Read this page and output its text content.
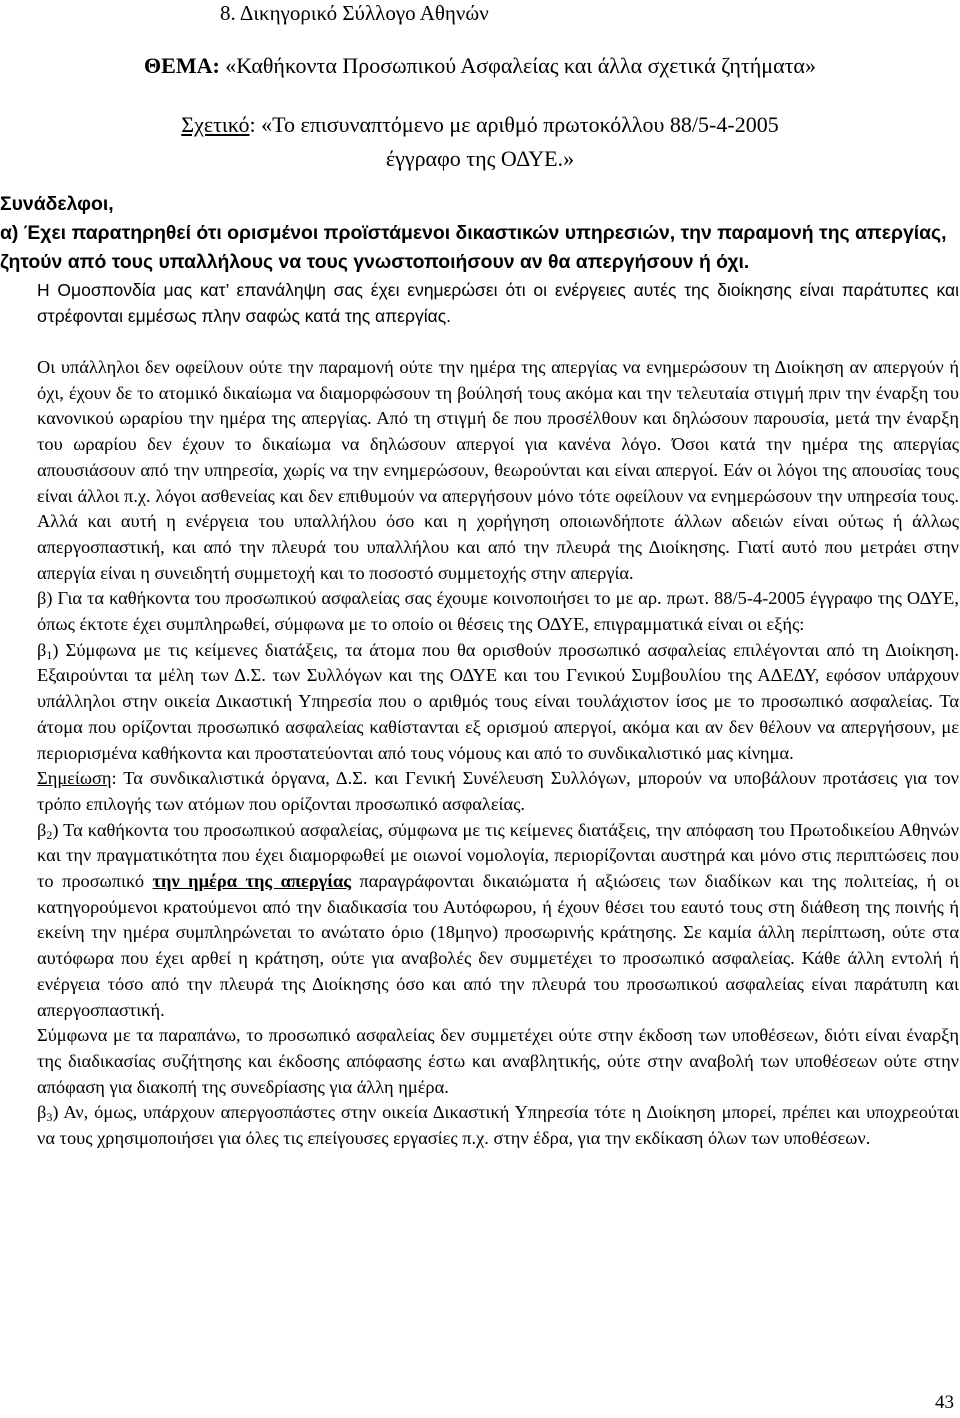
8. Δικηγορικό Σύλλογο Αθηνών
ΘΕΜΑ: «Καθήκοντα Προσωπικού Ασφαλείας και άλλα σχετικά ζητήματα»
Σχετικό: «Το επισυναπτόμενο με αριθμό πρωτοκόλλου 88/5-4-2005 έγγραφο της ΟΔΥΕ.»
Συνάδελφοι,
α) Έχει παρατηρηθεί ότι ορισμένοι προϊστάμενοι δικαστικών υπηρεσιών, την παραμονή της απεργίας, ζητούν από τους υπαλλήλους να τους γνωστοποιήσουν αν θα απεργήσουν ή όχι.
Η Ομοσπονδία μας κατ’ επανάληψη σας έχει ενημερώσει ότι οι ενέργειες αυτές της διοίκησης είναι παράτυπες και στρέφονται εμμέσως πλην σαφώς κατά της απεργίας.

Οι υπάλληλοι δεν οφείλουν ούτε την παραμονή ούτε την ημέρα της απεργίας να ενημερώσουν τη Διοίκηση αν απεργούν ή όχι, έχουν δε το ατομικό δικαίωμα να διαμορφώσουν τη βούλησή τους ακόμα και την τελευταία στιγμή πριν την έναρξη του κανονικού ωραρίου την ημέρα της απεργίας. Από τη στιγμή δε που προσέλθουν και δηλώσουν παρουσία, μετά την έναρξη του ωραρίου δεν έχουν το δικαίωμα να δηλώσουν απεργοί για κανένα λόγο. Όσοι κατά την ημέρα της απεργίας απουσιάσουν από την υπηρεσία, χωρίς να την ενημερώσουν, θεωρούνται και είναι απεργοί. Εάν οι λόγοι της απουσίας τους είναι άλλοι π.χ. λόγοι ασθενείας και δεν επιθυμούν να απεργήσουν μόνο τότε οφείλουν να ενημερώσουν την υπηρεσία τους. Αλλά και αυτή η ενέργεια του υπαλλήλου όσο και η χορήγηση οποιωνδήποτε άλλων αδειών είναι ούτως ή άλλως απεργοσπαστική, και από την πλευρά του υπαλλήλου και από την πλευρά της Διοίκησης. Γιατί αυτό που μετράει στην απεργία είναι η συνειδητή συμμετοχή και το ποσοστό συμμετοχής στην απεργία.

β) Για τα καθήκοντα του προσωπικού ασφαλείας σας έχουμε κοινοποιήσει το με αρ. πρωτ. 88/5-4-2005 έγγραφο της ΟΔΥΕ, όπως έκτοτε έχει συμπληρωθεί, σύμφωνα με το οποίο οι θέσεις της ΟΔΥΕ, επιγραμματικά είναι οι εξής:

$\beta_1$) Σύμφωνα με τις κείμενες διατάξεις, τα άτομα που θα ορισθούν προσωπικό ασφαλείας επιλέγονται από τη Διοίκηση. Εξαιρούνται τα μέλη των Δ.Σ. των Συλλόγων και της ΟΔΥΕ και του Γενικού Συμβουλίου της ΑΔΕΔΥ, εφόσον υπάρχουν υπάλληλοι στην οικεία Δικαστική Υπηρεσία που ο αριθμός τους είναι τουλάχιστον ίσος με το προσωπικό ασφαλείας. Τα άτομα που ορίζονται προσωπικό ασφαλείας καθίστανται εξ ορισμού απεργοί, ακόμα και αν δεν θέλουν να απεργήσουν, με περιορισμένα καθήκοντα και προστατεύονται από τους νόμους και από το συνδικαλιστικό μας κίνημα.

Σημείωση: Τα συνδικαλιστικά όργανα, Δ.Σ. και Γενική Συνέλευση Συλλόγων, μπορούν να υποβάλουν προτάσεις για τον τρόπο επιλογής των ατόμων που ορίζονται προσωπικό ασφαλείας.

$\beta_2$) Τα καθήκοντα του προσωπικού ασφαλείας, σύμφωνα με τις κείμενες διατάξεις, την απόφαση του Πρωτοδικείου Αθηνών και την πραγματικότητα που έχει διαμορφωθεί με οιωνοί νομολογία, περιορίζονται αυστηρά και μόνο στις περιπτώσεις που το προσωπικό την ημέρα της απεργίας παραγράφονται δικαιώματα ή αξιώσεις των διαδίκων και της πολιτείας, ή οι κατηγορούμενοι κρατούμενοι από την διαδικασία του Αυτόφωρου, ή έχουν θέσει του εαυτό τους στη διάθεση της ποινής ή εκείνη την ημέρα συμπληρώνεται το ανώτατο όριο (18μηνο) προσωρινής κράτησης. Σε καμία άλλη περίπτωση, ούτε στα αυτόφωρα που έχει αρθεί η κράτηση, ούτε για αναβολές δεν συμμετέχει το προσωπικό ασφαλείας. Κάθε άλλη εντολή ή ενέργεια τόσο από την πλευρά της Διοίκησης όσο και από την πλευρά του προσωπικού ασφαλείας είναι παράτυπη και απεργοσπαστική.

Σύμφωνα με τα παραπάνω, το προσωπικό ασφαλείας δεν συμμετέχει ούτε στην έκδοση των υποθέσεων, διότι είναι έναρξη της διαδικασίας συζήτησης και έκδοσης απόφασης έστω και αναβλητικής, ούτε στην αναβολή των υποθέσεων ούτε στην απόφαση για διακοπή της συνεδρίασης για άλλη ημέρα.

$\beta_3$) Αν, όμως, υπάρχουν απεργοσπάστες στην οικεία Δικαστική Υπηρεσία τότε η Διοίκηση μπορεί, πρέπει και υποχρεούται να τους χρησιμοποιήσει για όλες τις επείγουσες εργασίες π.χ. στην έδρα, για την εκδίκαση όλων των υποθέσεων.

43
